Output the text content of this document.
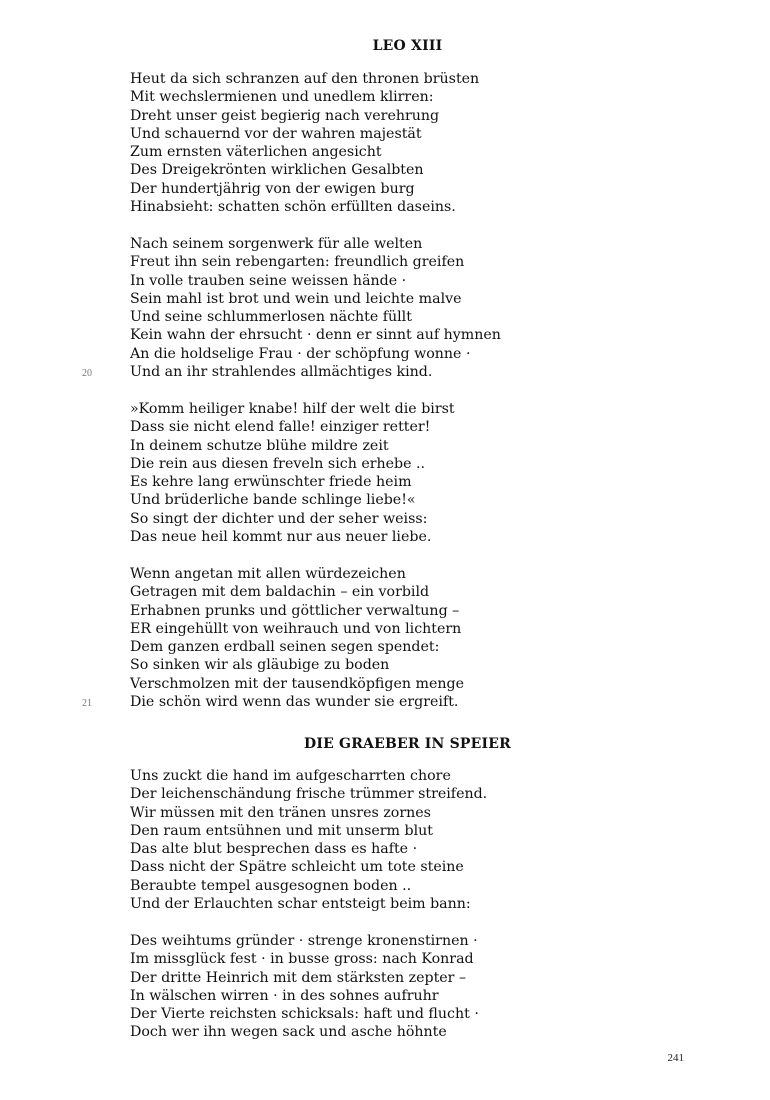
LEO XIII
Heut da sich schranzen auf den thronen brüsten
Mit wechslermienen und unedlem klirren:
Dreht unser geist begierig nach verehrung
Und schauernd vor der wahren majestät
Zum ernsten väterlichen angesicht
Des Dreigekrönten wirklichen Gesalbten
Der hundertjährig von der ewigen burg
Hinabsieht: schatten schön erfüllten daseins.
Nach seinem sorgenwerk für alle welten
Freut ihn sein rebengarten: freundlich greifen
In volle trauben seine weissen hände ·
Sein mahl ist brot und wein und leichte malve
Und seine schlummerlosen nächte füllt
Kein wahn der ehrsucht · denn er sinnt auf hymnen
An die holdselige Frau · der schöpfung wonne ·
Und an ihr strahlendes allmächtiges kind.
20
»Komm heiliger knabe! hilf der welt die birst
Dass sie nicht elend falle! einziger retter!
In deinem schutze blühe mildre zeit
Die rein aus diesen freveln sich erhebe ..
Es kehre lang erwünschter friede heim
Und brüderliche bande schlinge liebe!«
So singt der dichter und der seher weiss:
Das neue heil kommt nur aus neuer liebe.
Wenn angetan mit allen würdezeichen
Getragen mit dem baldachin – ein vorbild
Erhabnen prunks und göttlicher verwaltung –
ER eingehüllt von weihrauch und von lichtern
Dem ganzen erdball seinen segen spendet:
So sinken wir als gläubige zu boden
Verschmolzen mit der tausendköpfigen menge
Die schön wird wenn das wunder sie ergreift.
21
DIE GRAEBER IN SPEIER
Uns zuckt die hand im aufgescharrten chore
Der leichenschändung frische trümmer streifend.
Wir müssen mit den tränen unsres zornes
Den raum entsühnen und mit unserm blut
Das alte blut besprechen dass es hafte ·
Dass nicht der Spätre schleicht um tote steine
Beraubte tempel ausgesognen boden ..
Und der Erlauchten schar entsteigt beim bann:
Des weihtums gründer · strenge kronenstirnen ·
Im missglück fest · in busse gross: nach Konrad
Der dritte Heinrich mit dem stärksten zepter –
In wälschen wirren · in des sohnes aufruhr
Der Vierte reichsten schicksals: haft und flucht ·
Doch wer ihn wegen sack und asche höhnte
241
